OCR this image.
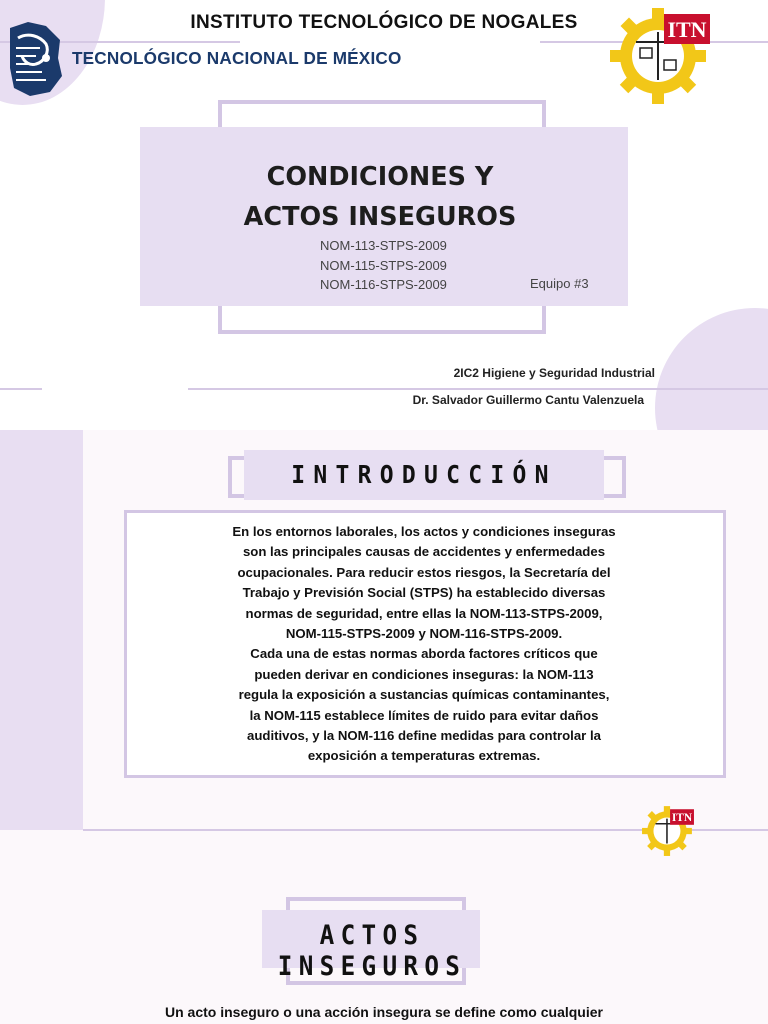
INSTITUTO TECNOLÓGICO DE NOGALES
TECNOLÓGICO NACIONAL DE MÉXICO
ITN
CONDICIONES Y
ACTOS INSEGUROS
NOM-113-STPS-2009
NOM-115-STPS-2009
NOM-116-STPS-2009	Equipo #3
2IC2 Higiene y Seguridad Industrial
Dr. Salvador Guillermo Cantu Valenzuela
INTRODUCCIÓN
En los entornos laborales, los actos y condiciones inseguras
son las principales causas de accidentes y enfermedades
ocupacionales. Para reducir estos riesgos, la Secretaría del
Trabajo y Previsión Social (STPS) ha establecido diversas
normas de seguridad, entre ellas la NOM-113-STPS-2009,
NOM-115-STPS-2009 y NOM-116-STPS-2009.
Cada una de estas normas aborda factores críticos que
pueden derivar en condiciones inseguras: la NOM-113
regula la exposición a sustancias químicas contaminantes,
la NOM-115 establece límites de ruido para evitar daños
auditivos, y la NOM-116 define medidas para controlar la
exposición a temperaturas extremas.
ITN
ACTOS INSEGUROS
Un acto inseguro o una acción insegura se define como cualquier
